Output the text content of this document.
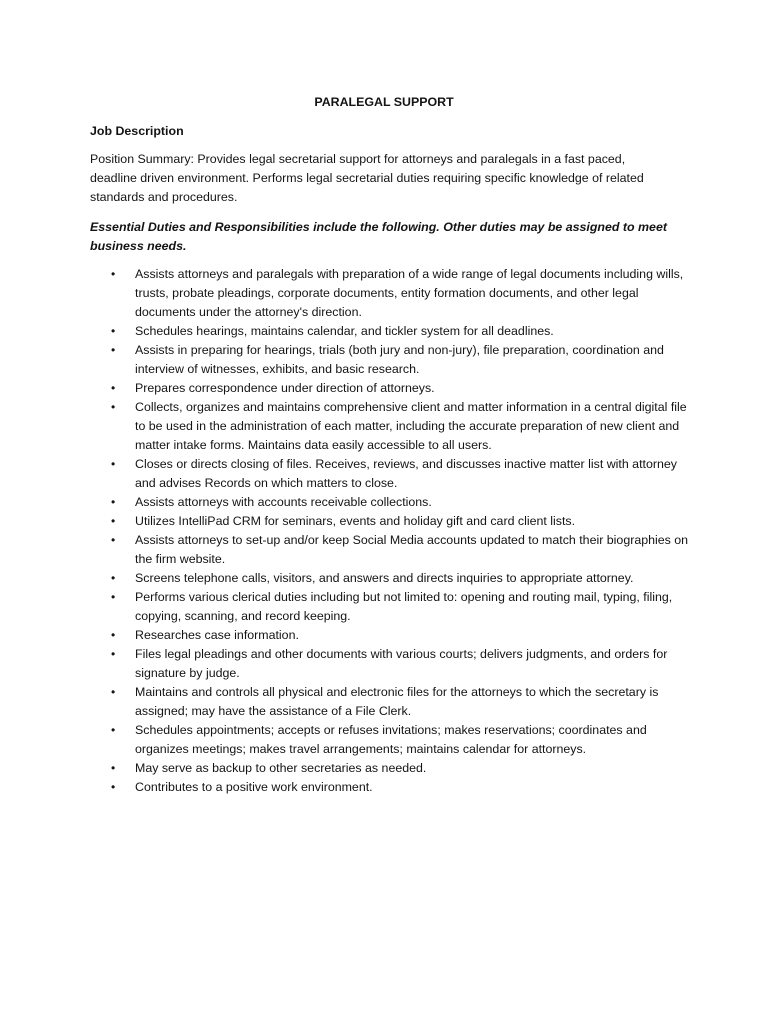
PARALEGAL SUPPORT
Job Description

Position Summary: Provides legal secretarial support for attorneys and paralegals in a fast paced, deadline driven environment. Performs legal secretarial duties requiring specific knowledge of related standards and procedures.

Essential Duties and Responsibilities include the following. Other duties may be assigned to meet business needs.

• Assists attorneys and paralegals with preparation of a wide range of legal documents including wills, trusts, probate pleadings, corporate documents, entity formation documents, and other legal documents under the attorney's direction.
• Schedules hearings, maintains calendar, and tickler system for all deadlines.
• Assists in preparing for hearings, trials (both jury and non-jury), file preparation, coordination and interview of witnesses, exhibits, and basic research.
• Prepares correspondence under direction of attorneys.
• Collects, organizes and maintains comprehensive client and matter information in a central digital file to be used in the administration of each matter, including the accurate preparation of new client and matter intake forms. Maintains data easily accessible to all users.
• Closes or directs closing of files. Receives, reviews, and discusses inactive matter list with attorney and advises Records on which matters to close.
• Assists attorneys with accounts receivable collections.
• Utilizes IntelliPad CRM for seminars, events and holiday gift and card client lists.
• Assists attorneys to set-up and/or keep Social Media accounts updated to match their biographies on the firm website.
• Screens telephone calls, visitors, and answers and directs inquiries to appropriate attorney.
• Performs various clerical duties including but not limited to: opening and routing mail, typing, filing, copying, scanning, and record keeping.
• Researches case information.
• Files legal pleadings and other documents with various courts; delivers judgments, and orders for signature by judge.
• Maintains and controls all physical and electronic files for the attorneys to which the secretary is assigned; may have the assistance of a File Clerk.
• Schedules appointments; accepts or refuses invitations; makes reservations; coordinates and organizes meetings; makes travel arrangements; maintains calendar for attorneys.
• May serve as backup to other secretaries as needed.
• Contributes to a positive work environment.
